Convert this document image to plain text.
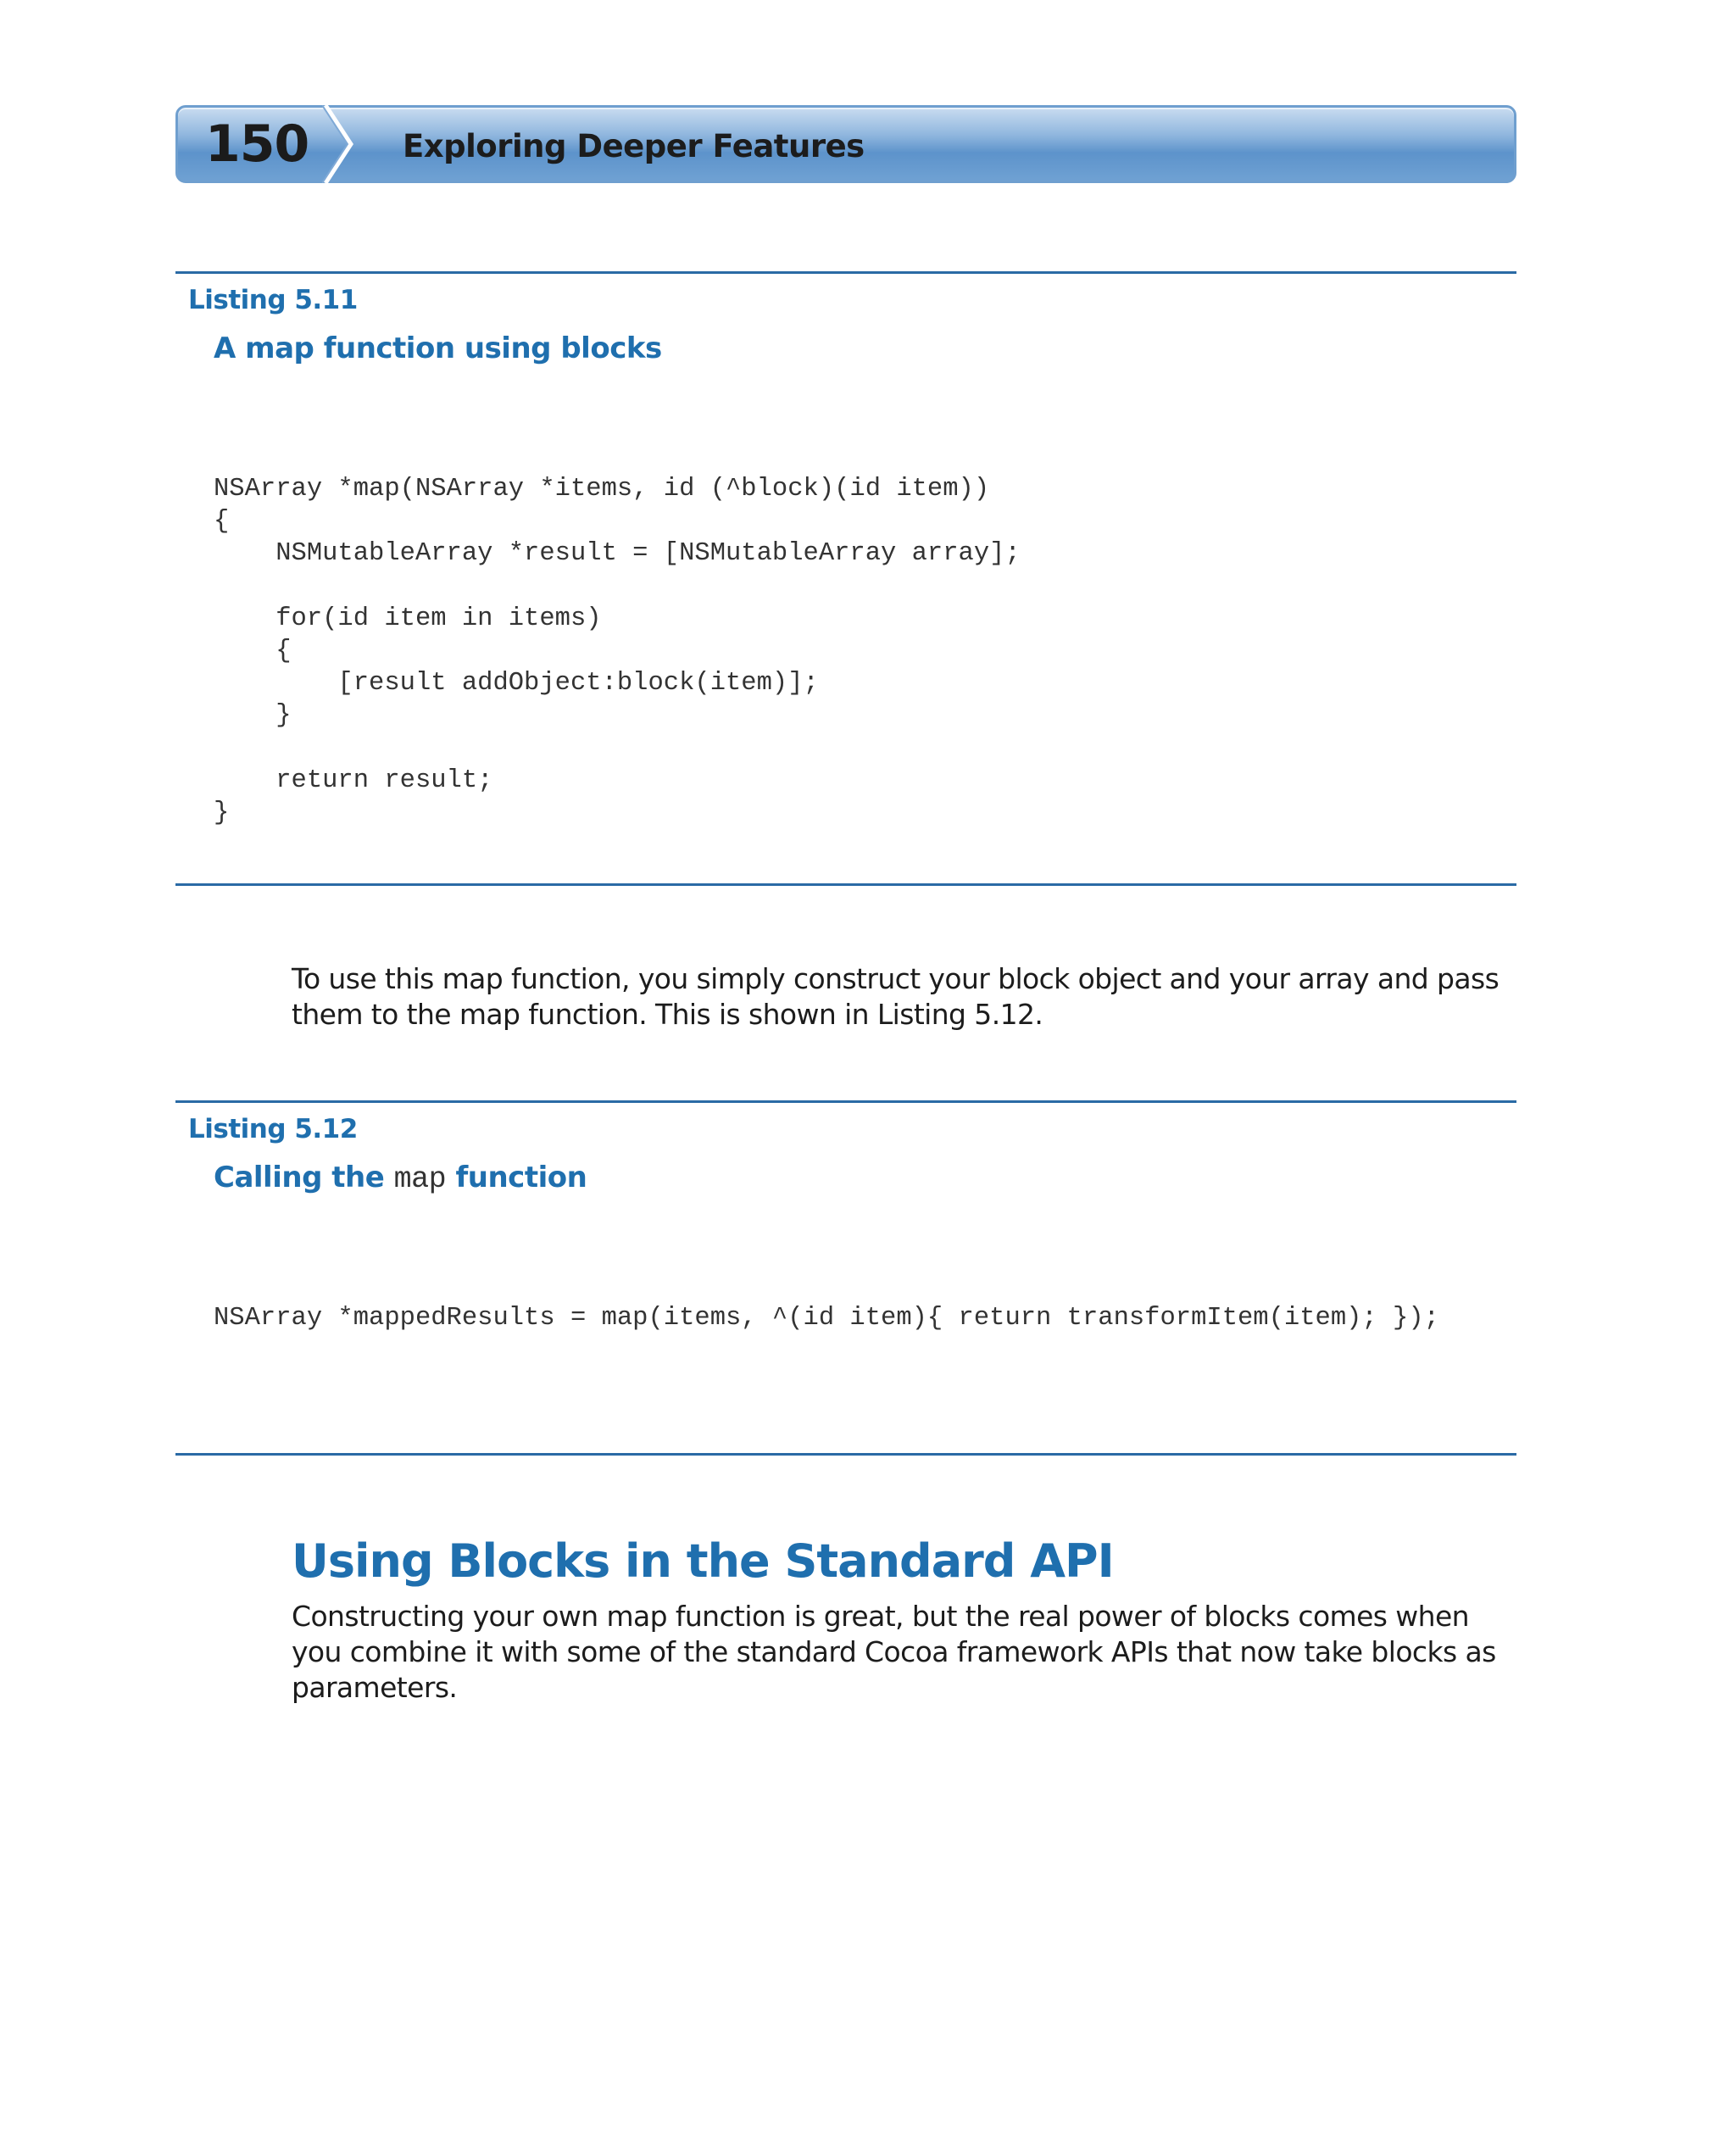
150	Exploring Deeper Features
Listing 5.11
A map function using blocks
NSArray *map(NSArray *items, id (^block)(id item))
{
NSMutableArray *result = [NSMutableArray array];

for(id item in items)
{
[result addObject:block(item)];
}

return result;
}

To use this map function, you simply construct your block object and your array and pass them to the map function. This is shown in Listing 5.12.

Listing 5.12
Calling the map function
NSArray *mappedResults = map(items, ^(id item){ return transformItem(item); });
Using Blocks in the Standard API

Constructing your own map function is great, but the real power of blocks comes when you combine it with some of the standard Cocoa framework APIs that now take blocks as parameters.
